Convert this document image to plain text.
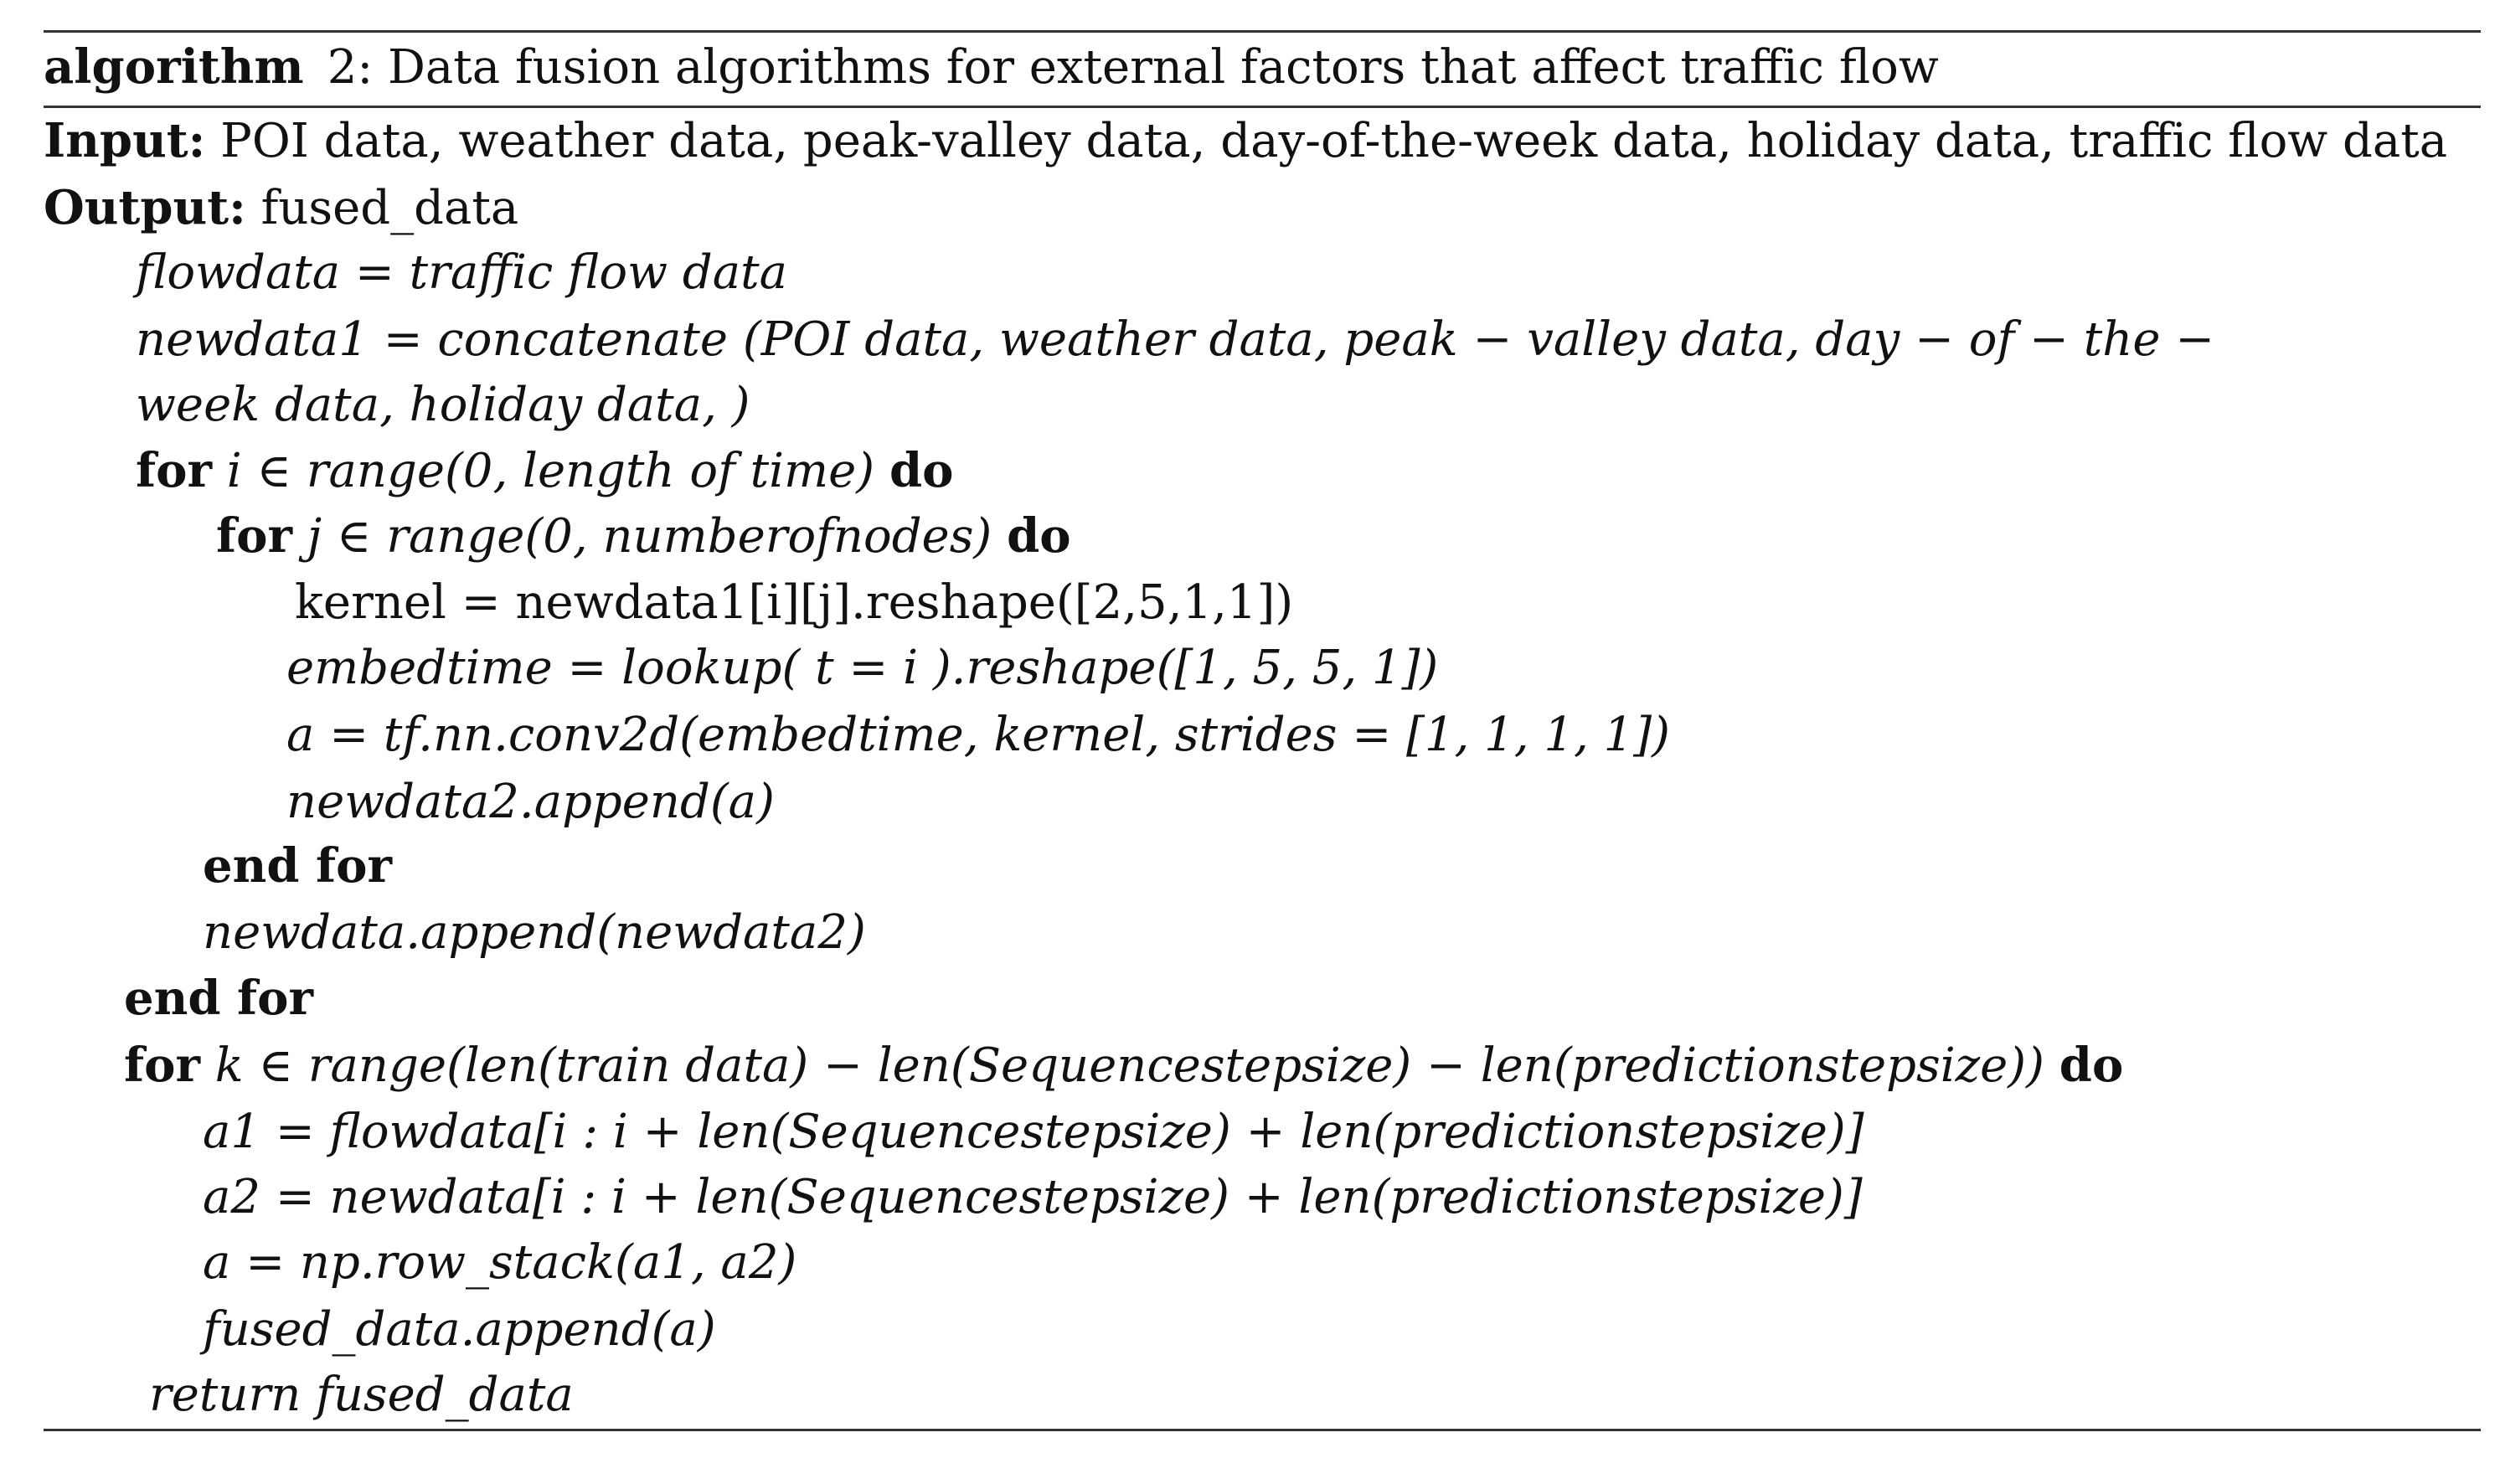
algorithm 2: Data fusion algorithms for external factors that affect traffic flow
Input: POI data, weather data, peak-valley data, day-of-the-week data, holiday data, traffic flow data
Output: fused_data
flowdata = traffic flow data
newdata1 = concatenate (POI data, weather data, peak − valley data, day − of − the −
week data, holiday data, )
for i ∈ range(0, length of time) do
for j ∈ range(0, numberofnodes) do
kernel = newdata1[i][j].reshape([2,5,1,1])
embedtime = lookup( t = i ).reshape([1, 5, 5, 1])
a = tf.nn.conv2d(embedtime, kernel, strides = [1, 1, 1, 1])
newdata2.append(a)
end for
newdata.append(newdata2)
end for
for k ∈ range(len(train data) − len(Sequencestepsize) − len(predictionstepsize)) do
a1 = flowdata[i : i + len(Sequencestepsize) + len(predictionstepsize)]
a2 = newdata[i : i + len(Sequencestepsize) + len(predictionstepsize)]
a = np.row_stack(a1, a2)
fused_data.append(a)
return fused_data
